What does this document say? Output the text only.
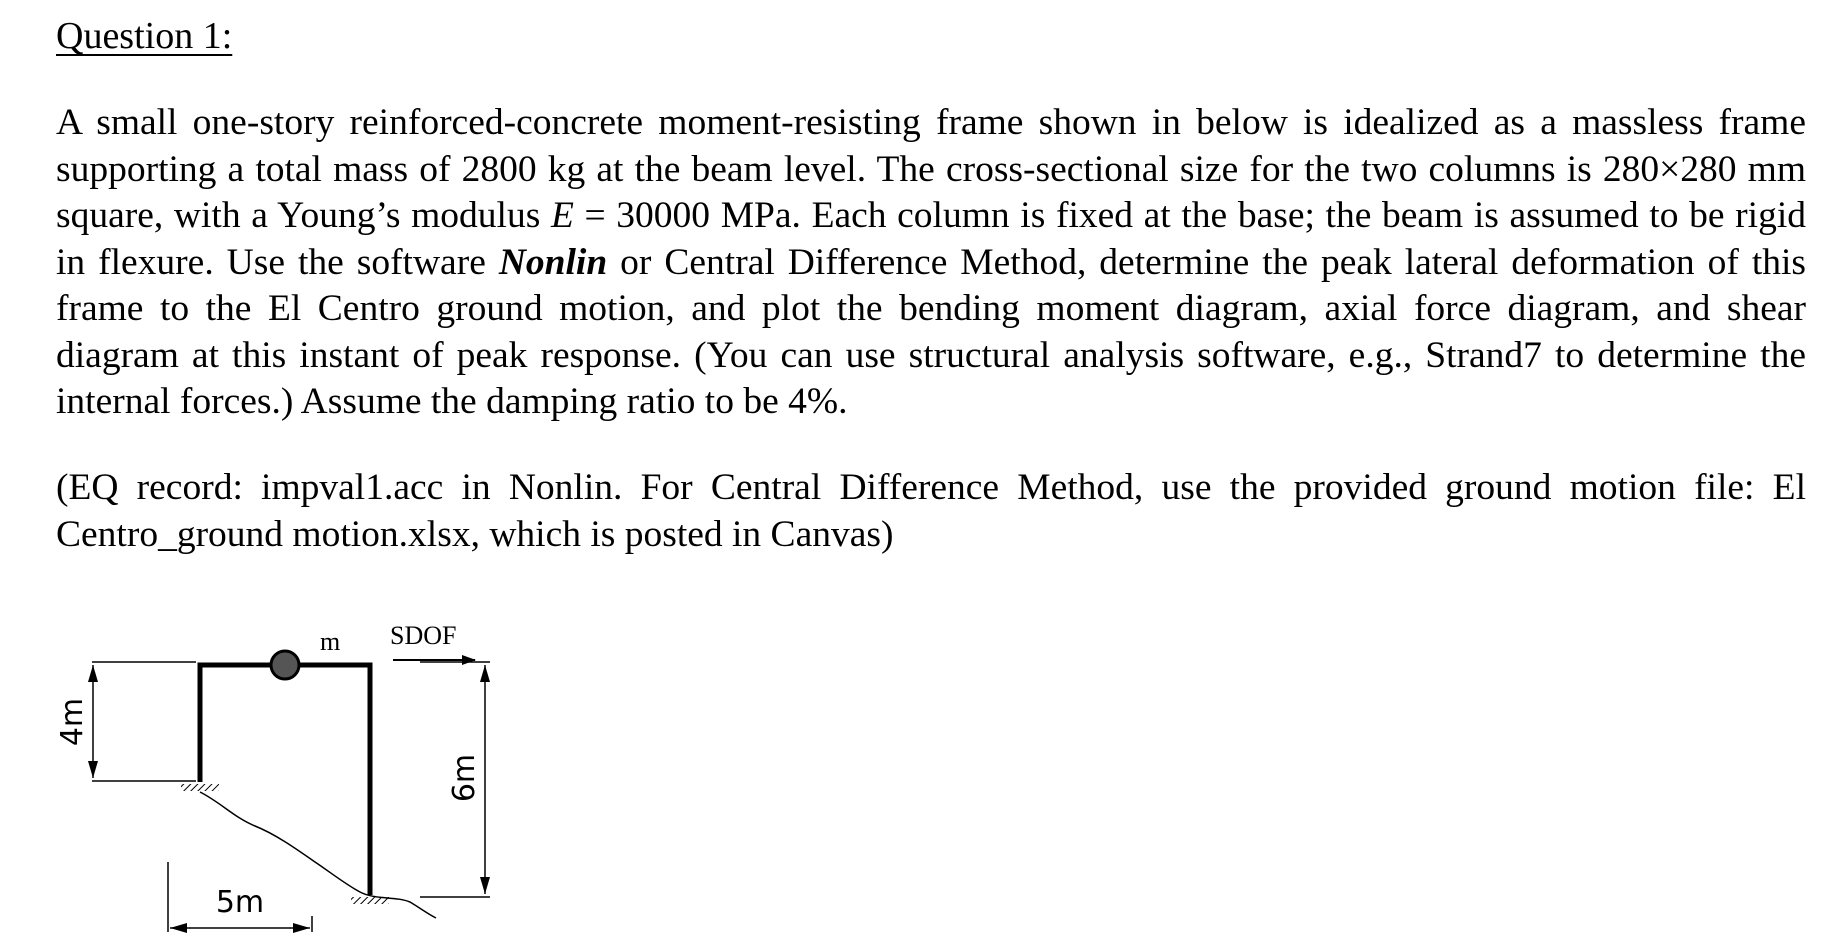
Question 1:

A small one-story reinforced-concrete moment-resisting frame shown in below is idealized as a massless frame supporting a total mass of 2800 kg at the beam level. The cross-sectional size for the two columns is 280×280 mm square, with a Young’s modulus E = 30000 MPa. Each column is fixed at the base; the beam is assumed to be rigid in flexure. Use the software Nonlin or Central Difference Method, determine the peak lateral deformation of this frame to the El Centro ground motion, and plot the bending moment diagram, axial force diagram, and shear diagram at this instant of peak response. (You can use structural analysis software, e.g., Strand7 to determine the internal forces.) Assume the damping ratio to be 4%.

(EQ record: impval1.acc in Nonlin. For Central Difference Method, use the provided ground motion file: El Centro_ground motion.xlsx, which is posted in Canvas)

m SDOF
4m
6m
5m
